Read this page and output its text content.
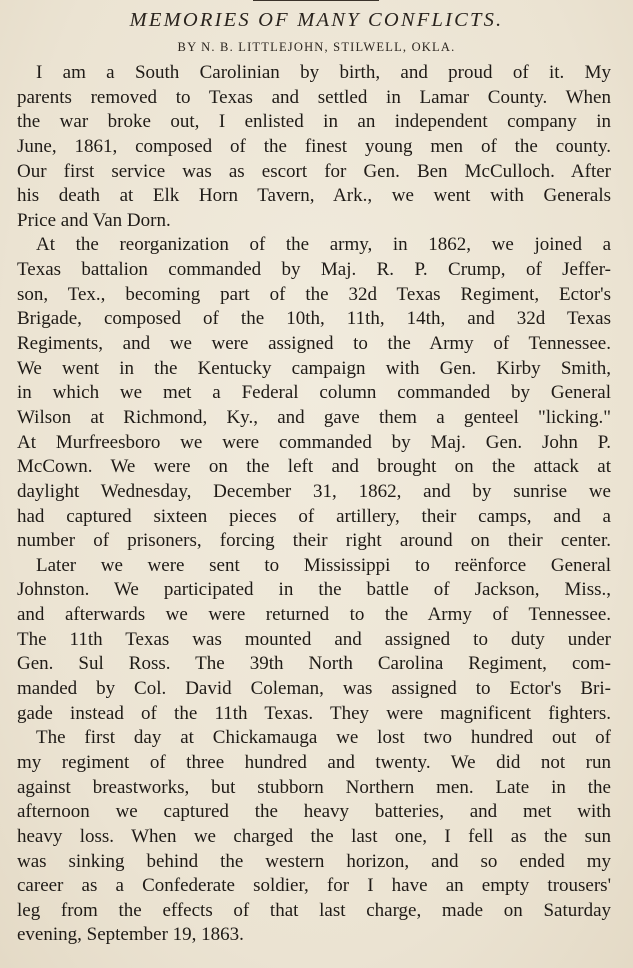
MEMORIES OF MANY CONFLICTS.
BY N. B. LITTLEJOHN, STILWELL, OKLA.
I am a South Carolinian by birth, and proud of it. My
parents removed to Texas and settled in Lamar County. When
the war broke out, I enlisted in an independent company in
June, 1861, composed of the finest young men of the county.
Our first service was as escort for Gen. Ben McCulloch. After
his death at Elk Horn Tavern, Ark., we went with Generals
Price and Van Dorn.
At the reorganization of the army, in 1862, we joined a
Texas battalion commanded by Maj. R. P. Crump, of Jeffer-
son, Tex., becoming part of the 32d Texas Regiment, Ector's
Brigade, composed of the 10th, 11th, 14th, and 32d Texas
Regiments, and we were assigned to the Army of Tennessee.
We went in the Kentucky campaign with Gen. Kirby Smith,
in which we met a Federal column commanded by General
Wilson at Richmond, Ky., and gave them a genteel "licking."
At Murfreesboro we were commanded by Maj. Gen. John P.
McCown. We were on the left and brought on the attack at
daylight Wednesday, December 31, 1862, and by sunrise we
had captured sixteen pieces of artillery, their camps, and a
number of prisoners, forcing their right around on their center.
Later we were sent to Mississippi to reënforce General
Johnston. We participated in the battle of Jackson, Miss.,
and afterwards we were returned to the Army of Tennessee.
The 11th Texas was mounted and assigned to duty under
Gen. Sul Ross. The 39th North Carolina Regiment, com-
manded by Col. David Coleman, was assigned to Ector's Bri-
gade instead of the 11th Texas. They were magnificent fighters.
The first day at Chickamauga we lost two hundred out of
my regiment of three hundred and twenty. We did not run
against breastworks, but stubborn Northern men. Late in the
afternoon we captured the heavy batteries, and met with
heavy loss. When we charged the last one, I fell as the sun
was sinking behind the western horizon, and so ended my
career as a Confederate soldier, for I have an empty trousers'
leg from the effects of that last charge, made on Saturday
evening, September 19, 1863.
